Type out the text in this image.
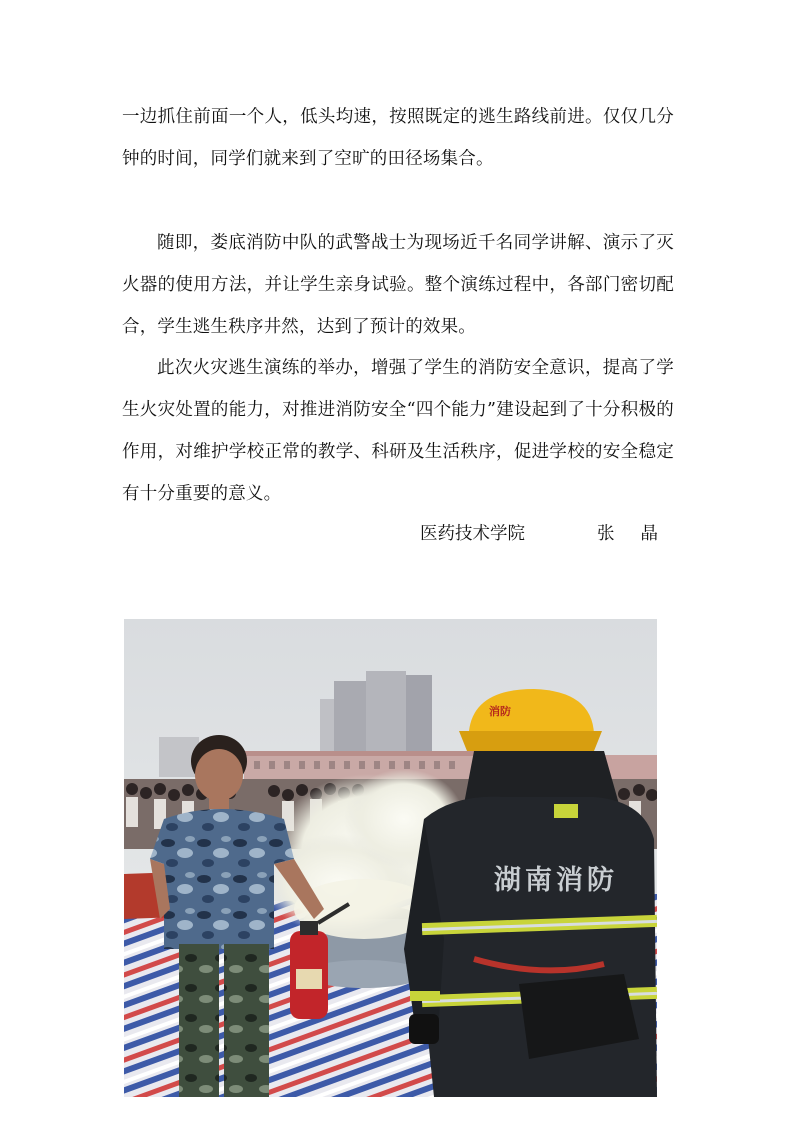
一边抓住前面一个人，低头均速，按照既定的逃生路线前进。仅仅几分钟的时间，同学们就来到了空旷的田径场集合。
随即，娄底消防中队的武警战士为现场近千名同学讲解、演示了灭火器的使用方法，并让学生亲身试验。整个演练过程中，各部门密切配合，学生逃生秩序井然，达到了预计的效果。
此次火灾逃生演练的举办，增强了学生的消防安全意识，提高了学生火灾处置的能力，对推进消防安全“四个能力”建设起到了十分积极的作用，对维护学校正常的教学、科研及生活秩序，促进学校的安全稳定有十分重要的意义。
医药技术学院	张晶
消防
湖南消防
